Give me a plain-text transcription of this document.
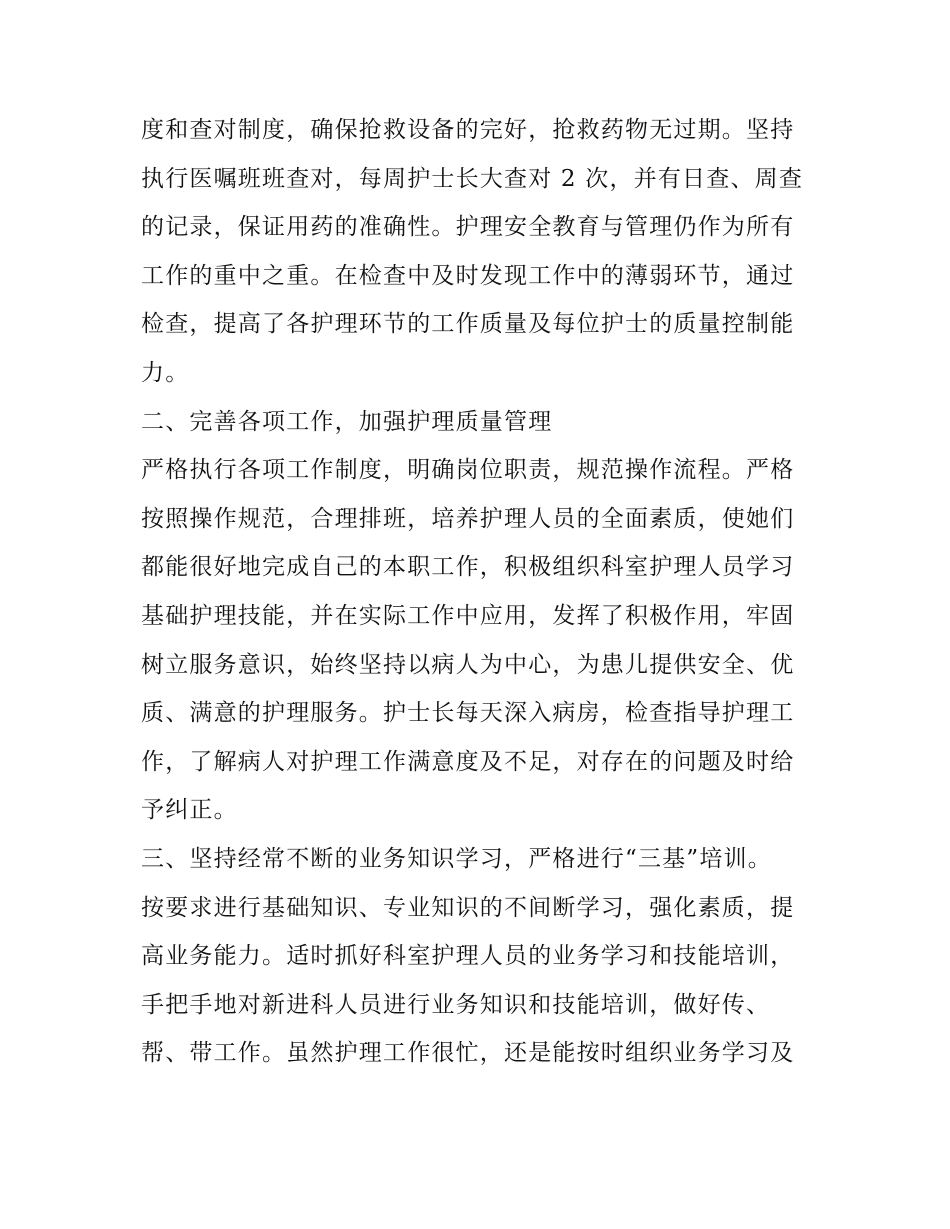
度和查对制度，确保抢救设备的完好，抢救药物无过期。坚持
执行医嘱班班查对，每周护士长大查对 2 次，并有日查、周查
的记录，保证用药的准确性。护理安全教育与管理仍作为所有
工作的重中之重。在检查中及时发现工作中的薄弱环节，通过
检查，提高了各护理环节的工作质量及每位护士的质量控制能
力。
二、完善各项工作，加强护理质量管理
严格执行各项工作制度，明确岗位职责，规范操作流程。严格
按照操作规范，合理排班，培养护理人员的全面素质，使她们
都能很好地完成自己的本职工作，积极组织科室护理人员学习
基础护理技能，并在实际工作中应用，发挥了积极作用，牢固
树立服务意识，始终坚持以病人为中心，为患儿提供安全、优
质、满意的护理服务。护士长每天深入病房，检查指导护理工
作，了解病人对护理工作满意度及不足，对存在的问题及时给
予纠正。
三、坚持经常不断的业务知识学习，严格进行“三基”培训。
按要求进行基础知识、专业知识的不间断学习，强化素质，提
高业务能力。适时抓好科室护理人员的业务学习和技能培训，
手把手地对新进科人员进行业务知识和技能培训，做好传、
帮、带工作。虽然护理工作很忙，还是能按时组织业务学习及
